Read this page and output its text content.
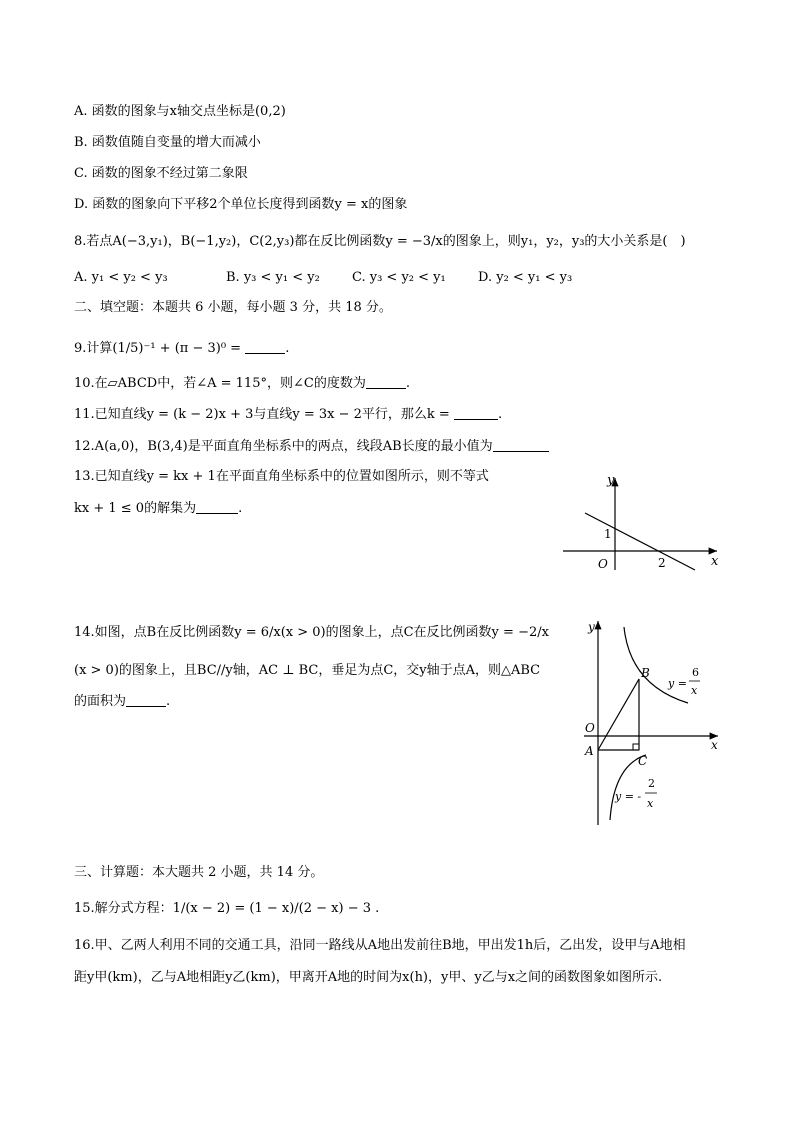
A. 函数的图象与x轴交点坐标是(0,2)
B. 函数值随自变量的增大而减小
C. 函数的图象不经过第二象限
D. 函数的图象向下平移2个单位长度得到函数y = x的图象
8.若点A(−3,y₁)，B(−1,y₂)，C(2,y₃)都在反比例函数y = −3/x的图象上，则y₁，y₂，y₃的大小关系是(　)
A. y₁ < y₂ < y₃	B. y₃ < y₁ < y₂ C. y₃ < y₂ < y₁ D. y₂ < y₁ < y₃
二、填空题：本题共 6 小题，每小题 3 分，共 18 分。
9.计算(1/5)⁻¹ + (π − 3)⁰ =	.
10.在▱ABCD中，若∠A = 115°，则∠C的度数为	.
11.已知直线y = (k − 2)x + 3与直线y = 3x − 2平行，那么k =	.
12.A(a,0)，B(3,4)是平面直角坐标系中的两点，线段AB长度的最小值为
13.已知直线y = kx + 1在平面直角坐标系中的位置如图所示，则不等式
kx + 1 ≤ 0的解集为	.
y
x
O
1
2
14.如图，点B在反比例函数y = 6/x(x > 0)的图象上，点C在反比例函数y = −2/x
(x > 0)的图象上，且BC//y轴，AC ⊥ BC，垂足为点C，交y轴于点A，则△ABC
的面积为	.
y
x
O
A
B
C
y =
6
x
y = -
2
x
三、计算题：本大题共 2 小题，共 14 分。
15.解分式方程：1/(x − 2) = (1 − x)/(2 − x) − 3 .
16.甲、乙两人利用不同的交通工具，沿同一路线从A地出发前往B地，甲出发1h后，乙出发，设甲与A地相
距y甲(km)，乙与A地相距y乙(km)，甲离开A地的时间为x(h)，y甲、y乙与x之间的函数图象如图所示.
